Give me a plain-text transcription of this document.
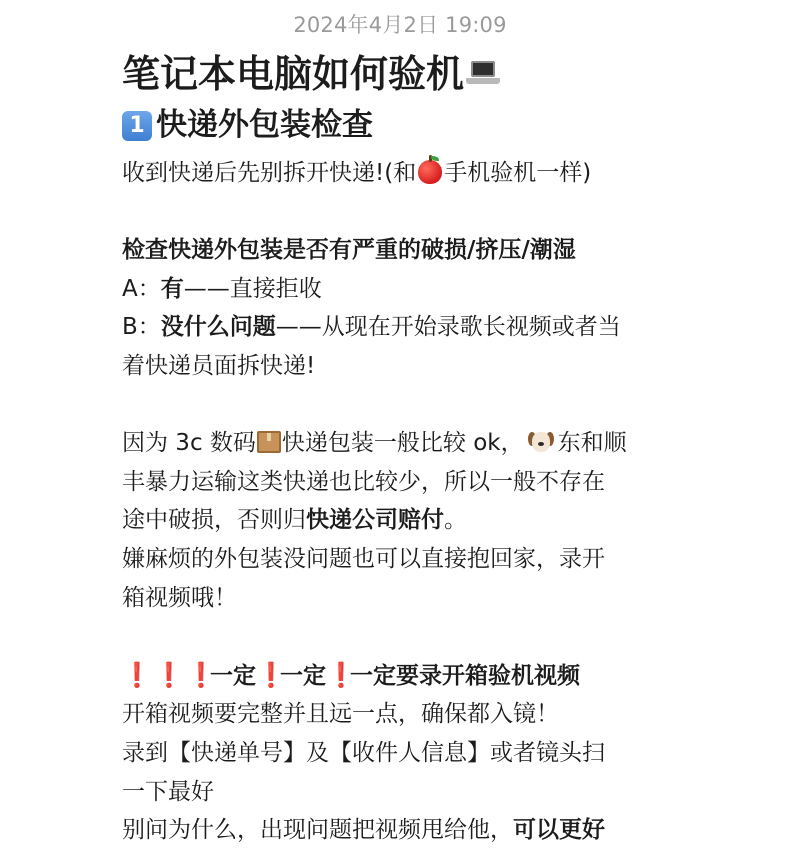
2024年4月2日 19:09
笔记本电脑如何验机
1 快递外包装检查

收到快递后先别拆开快递!(和 手机验机一样)

检查快递外包装是否有严重的破损/挤压/潮湿

A：有——直接拒收

B：没什么问题——从现在开始录歌长视频或者当

着快递员面拆快递!

因为 3c 数码 快递包装一般比较 ok， 东和顺

丰暴力运输这类快递也比较少，所以一般不存在

途中破损，否则归快递公司赔付。

嫌麻烦的外包装没问题也可以直接抱回家，录开

箱视频哦！

❗ ❗ ❗一定❗一定❗一定要录开箱验机视频

开箱视频要完整并且远一点，确保都入镜！

录到【快递单号】及【收件人信息】或者镜头扫

一下最好

别问为什么，出现问题把视频甩给他，可以更好
